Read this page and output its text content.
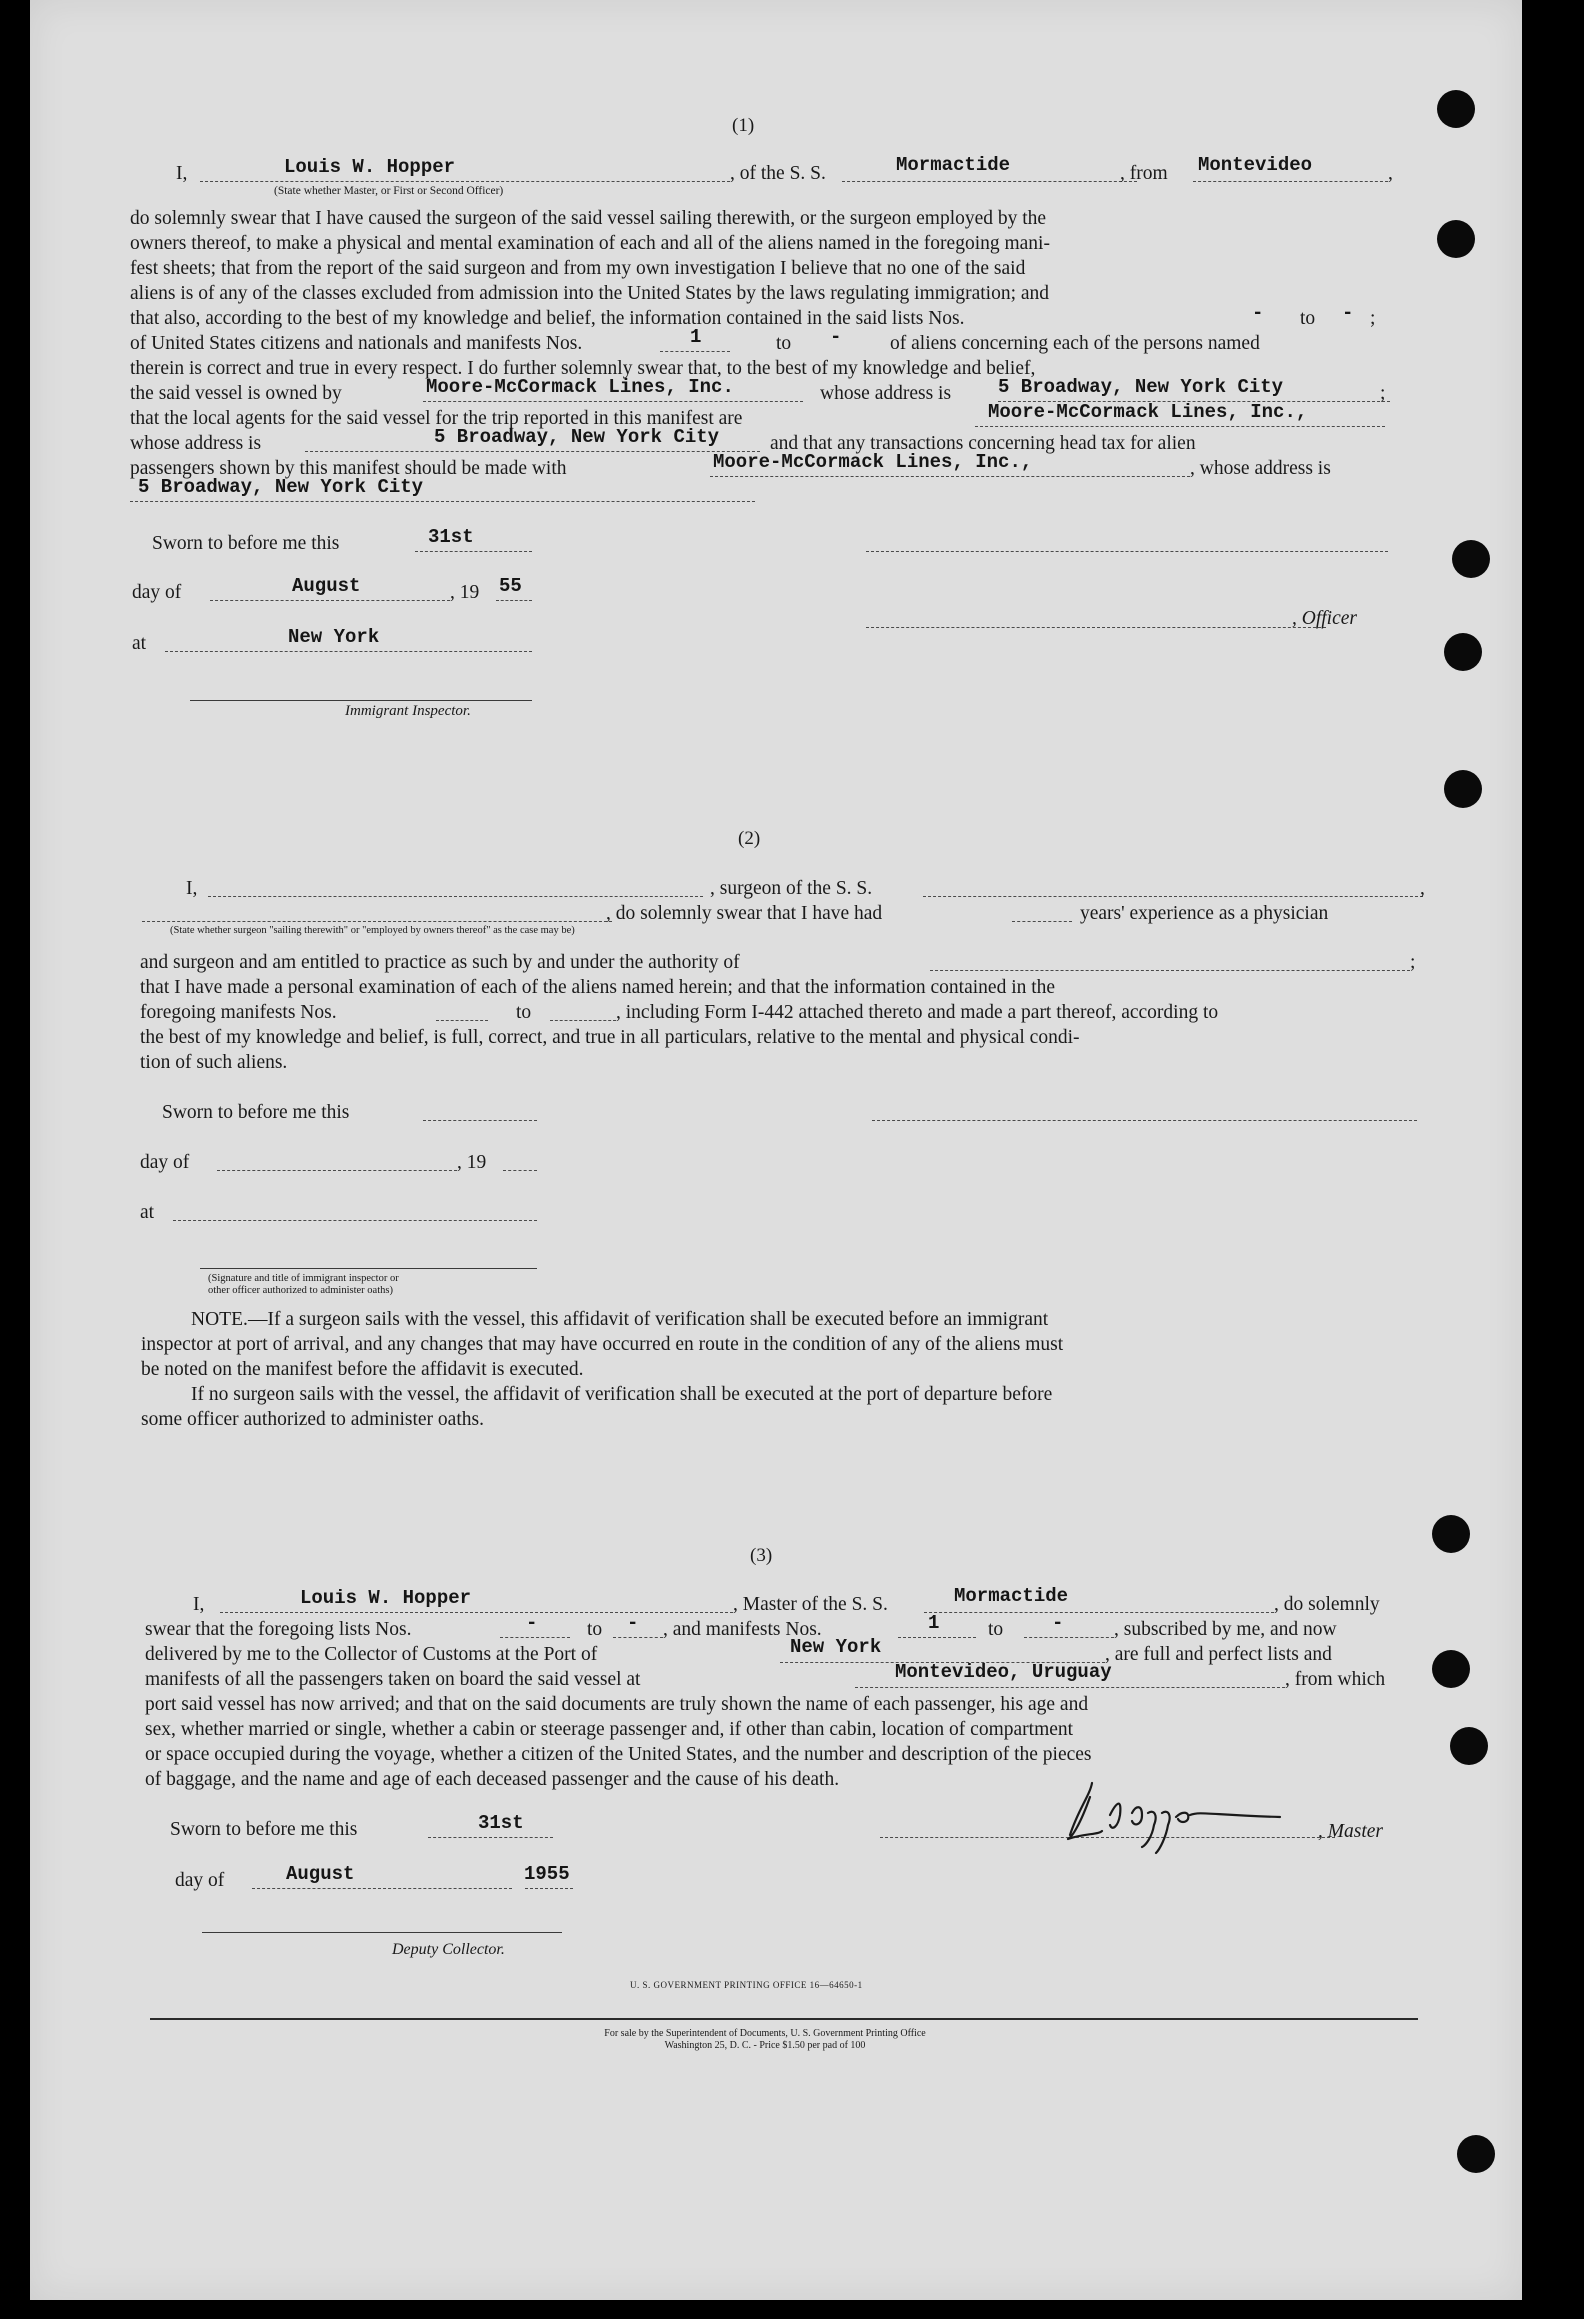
(1)
I,	Louis W. Hopper
(State whether Master, or First or Second Officer)
, of the S. S.	Mormactide	, from Montevideo	,
do solemnly swear that I have caused the surgeon of the said vessel sailing therewith, or the surgeon employed by the
owners thereof, to make a physical and mental examination of each and all of the aliens named in the foregoing mani-
fest sheets; that from the report of the said surgeon and from my own investigation I believe that no one of the said
aliens is of any of the classes excluded from admission into the United States by the laws regulating immigration; and
that also, according to the best of my knowledge and belief, the information contained in the said lists Nos.	- to - ;
of United States citizens and nationals and manifests Nos.	1	to - of aliens concerning each of the persons named
therein is correct and true in every respect. I do further solemnly swear that, to the best of my knowledge and belief,
the said vessel is owned by	Moore-McCormack Lines, Inc.	whose address is 5 Broadway, New York City	;
that the local agents for the said vessel for the trip reported in this manifest are	Moore-McCormack Lines, Inc.,
whose address is	5 Broadway, New York City	and that any transactions concerning head tax for alien
passengers shown by this manifest should be made with	Moore-McCormack Lines, Inc.,	, whose address is
5 Broadway, New York City
Sworn to before me this	31st
day of	August	, 19 55
, Officer
at	New York
Immigrant Inspector.
(2)
I,	, surgeon of the S. S.	,
, do solemnly swear that I have had	years' experience as a physician
(State whether surgeon "sailing therewith" or "employed by owners thereof" as the case may be)
and surgeon and am entitled to practice as such by and under the authority of	;
that I have made a personal examination of each of the aliens named herein; and that the information contained in the
foregoing manifests Nos.	to	, including Form I-442 attached thereto and made a part thereof, according to
the best of my knowledge and belief, is full, correct, and true in all particulars, relative to the mental and physical condi-
tion of such aliens.
Sworn to before me this
day of	, 19
at
(Signature and title of immigrant inspector or
other officer authorized to administer oaths)
NOTE. —If a surgeon sails with the vessel, this affidavit of verification shall be executed before an immigrant
inspector at port of arrival, and any changes that may have occurred en route in the condition of any of the aliens must
be noted on the manifest before the affidavit is executed.
If no surgeon sails with the vessel, the affidavit of verification shall be executed at the port of departure before
some officer authorized to administer oaths.
(3)
I,	Louis W. Hopper	, Master of the S. S.	Mormactide	, do solemnly
swear that the foregoing lists Nos.	-	to - , and manifests Nos.	1 to	-	, subscribed by me, and now
delivered by me to the Collector of Customs at the Port of	New York	, are full and perfect lists and
manifests of all the passengers taken on board the said vessel at	Montevideo, Uruguay	, from which
port said vessel has now arrived; and that on the said documents are truly shown the name of each passenger, his age and
sex, whether married or single, whether a cabin or steerage passenger and, if other than cabin, location of compartment
or space occupied during the voyage, whether a citizen of the United States, and the number and description of the pieces
of baggage, and the name and age of each deceased passenger and the cause of his death.
Sworn to before me this	31st	, Master
day of	August	1955
Deputy Collector.
U. S. GOVERNMENT PRINTING OFFICE 16—64650-1
For sale by the Superintendent of Documents, U. S. Government Printing Office
Washington 25, D. C. - Price $1.50 per pad of 100
